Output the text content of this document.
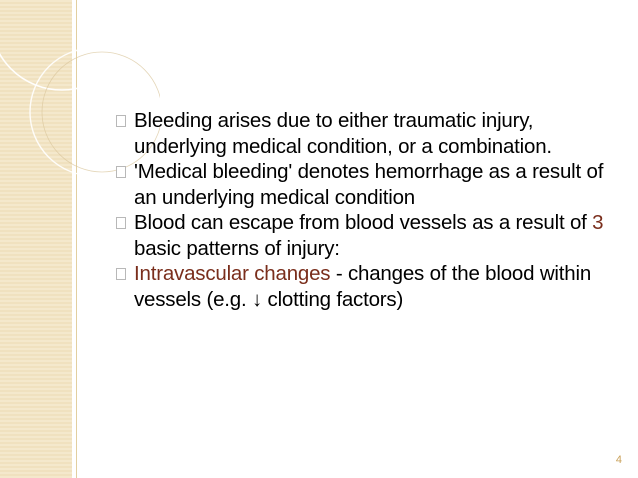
Bleeding arises due to either traumatic injury, underlying medical condition, or a combination.
'Medical bleeding' denotes hemorrhage as a result of an underlying medical condition
Blood can escape from blood vessels as a result of 3 basic patterns of injury:
Intravascular changes - changes of the blood within vessels (e.g. ↓ clotting factors)
4
